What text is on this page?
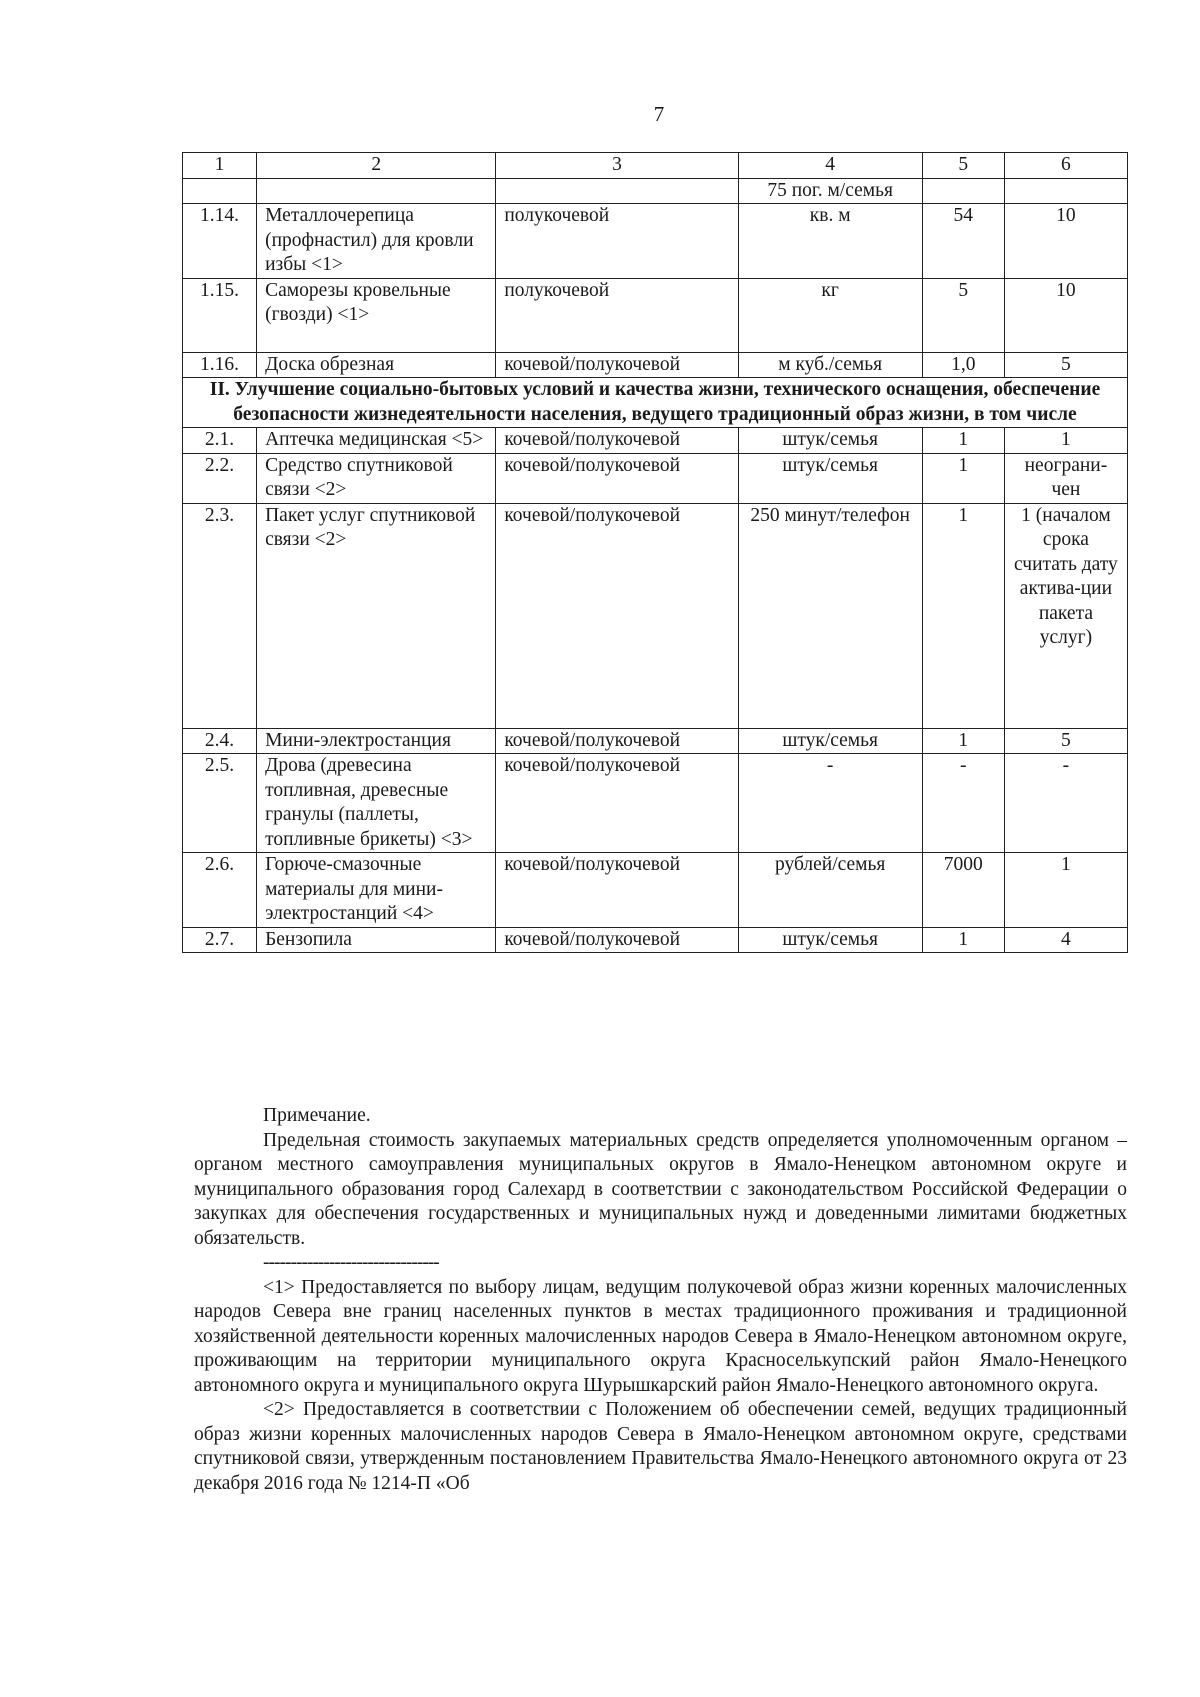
7
1	2	3	4	5	6
			75 пог. м/семья		
1.14.	Металлочерепица (профнастил) для кровли избы <1>	полукочевой	кв. м	54	10
1.15.	Саморезы кровельные (гвозди) <1>	полукочевой	кг	5	10
1.16.	Доска обрезная	кочевой/полукочевой	м куб./семья	1,0	5
II. Улучшение социально-бытовых условий и качества жизни, технического оснащения, обеспечение безопасности жизнедеятельности населения, ведущего традиционный образ жизни, в том числе					
2.1.	Аптечка медицинская <5>	кочевой/полукочевой	штук/семья	1	1
2.2.	Средство спутниковой связи <2>	кочевой/полукочевой	штук/семья	1	неограни-чен
2.3.	Пакет услуг спутниковой связи <2>	кочевой/полукочевой	250 минут/телефон	1	1 (началом срока считать дату актива-ции пакета услуг)
2.4.	Мини-электростанция	кочевой/полукочевой	штук/семья	1	5
2.5.	Дрова (древесина топливная, древесные гранулы (паллеты, топливные брикеты) <3>	кочевой/полукочевой	-	-	-
2.6.	Горюче-смазочные материалы для мини-электростанций <4>	кочевой/полукочевой	рублей/семья	7000	1
2.7.	Бензопила	кочевой/полукочевой	штук/семья	1	4

Примечание.

Предельная стоимость закупаемых материальных средств определяется уполномоченным органом – органом местного самоуправления муниципальных округов в Ямало-Ненецком автономном округе и муниципального образования город Салехард в соответствии с законодательством Российской Федерации о закупках для обеспечения государственных и муниципальных нужд и доведенными лимитами бюджетных обязательств.

--------------------------------

<1> Предоставляется по выбору лицам, ведущим полукочевой образ жизни коренных малочисленных народов Севера вне границ населенных пунктов в местах традиционного проживания и традиционной хозяйственной деятельности коренных малочисленных народов Севера в Ямало-Ненецком автономном округе, проживающим на территории муниципального округа Красноселькупский район Ямало-Ненецкого автономного округа и муниципального округа Шурышкарский район Ямало-Ненецкого автономного округа.

<2> Предоставляется в соответствии с Положением об обеспечении семей, ведущих традиционный образ жизни коренных малочисленных народов Севера в Ямало-Ненецком автономном округе, средствами спутниковой связи, утвержденным постановлением Правительства Ямало-Ненецкого автономного округа от 23 декабря 2016 года № 1214-П «Об
